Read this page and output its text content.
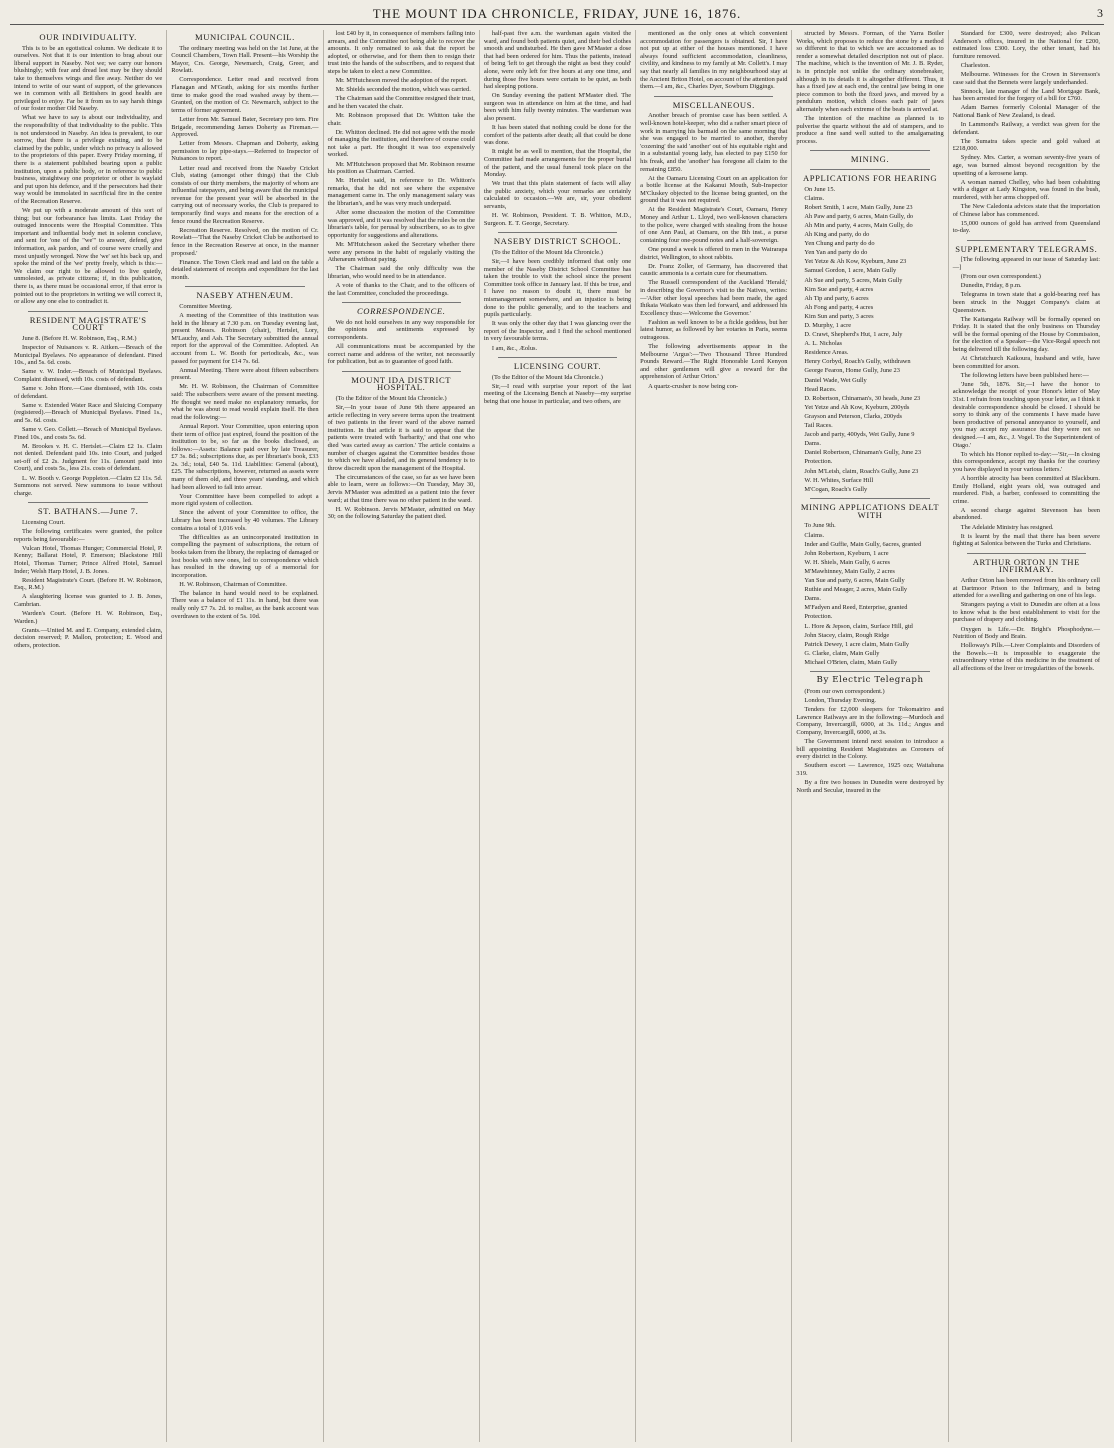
THE MOUNT IDA CHRONICLE, FRIDAY, JUNE 16, 1876.	3
OUR INDIVIDUALITY.

This is to be an egotistical column. We dedicate it to ourselves. Not that it is our intention to brag about our liberal support in Naseby. Not we; we carry our honors blushingly; with fear and dread lest may be they should take to themselves wings and flee away. Neither do we intend to write of our want of support, of the grievances we in common with all Britishers in good health are privileged to enjoy. Far be it from us to say harsh things of our foster mother Old Naseby.

What we have to say is about our individuality, and the responsibility of that individuality to the public. This is not understood in Naseby. An idea is prevalent, to our sorrow, that there is a privilege existing, and to be claimed by the public, under which no privacy is allowed to the proprietors of this paper. Every Friday morning, if there is a statement published bearing upon a public institution, upon a public body, or in reference to public business, straightway one proprietor or other is waylaid and put upon his defence, and if the persecutors had their way would be immolated in sacrificial fire in the centre of the Recreation Reserve.

We put up with a moderate amount of this sort of thing; but our forbearance has limits. Last Friday the outraged innocents were the Hospital Committee. This important and influential body met in solemn conclave, and sent for 'one of the "we"' to answer, defend, give information, ask pardon, and of course were cruelly and most unjustly wronged. Now the 'we' set his back up, and spoke the mind of the 'we' pretty freely, which is this:—We claim our right to be allowed to live quietly, unmolested, as private citizens; if, in this publication, there is, as there must be occasional error, if that error is pointed out to the proprietors in writing we will correct it, or allow any one else to contradict it.

RESIDENT MAGISTRATE'S COURT

June 8. (Before H. W. Robinson, Esq., R.M.)

Inspector of Nuisances v. R. Aitken.—Breach of the Municipal Byelaws. No appearance of defendant. Fined 10s., and 5s. 6d. costs.

Same v. W. Inder.—Breach of Municipal Byelaws. Complaint dismissed, with 10s. costs of defendant.

Same v. John Hore.—Case dismissed, with 10s. costs of defendant.

Same v. Extended Water Race and Sluicing Company (registered).—Breach of Municipal Byelaws. Fined 1s., and 5s. 6d. costs.

Same v. Geo. Collett.—Breach of Municipal Byelaws. Fined 10s., and costs 5s. 6d.

M. Brookes v. H. C. Hertslet.—Claim £2 1s. Claim not denied. Defendant paid 10s. into Court, and judged set-off of £2 2s. Judgment for 11s. (amount paid into Court), and costs 5s., less 21s. costs of defendant.

L. W. Booth v. George Poppleton.—Claim £2 11s. 5d. Summons not served. New summons to issue without charge.

ST. BATHANS.—June 7.

Licensing Court.

The following certificates were granted, the police reports being favourable:—

Vulcan Hotel, Thomas Hunger; Commercial Hotel, P. Kenny; Ballarat Hotel, P. Emerson; Blackstone Hill Hotel, Thomas Turner; Prince Alfred Hotel, Samuel Inder; Welsh Harp Hotel, J. B. Jones.

Resident Magistrate's Court. (Before H. W. Robinson, Esq., R.M.)

A slaughtering license was granted to J. B. Jones, Cambrian.

Warden's Court. (Before H. W. Robinson, Esq., Warden.)

Grants.—United M. and E. Company, extended claim, decision reserved; P. Mallon, protection; E. Wood and others, protection.

MUNICIPAL COUNCIL.

The ordinary meeting was held on the 1st June, at the Council Chambers, Town Hall. Present—his Worship the Mayor, Crs. George, Newmarch, Craig, Greer, and Rowlatt.

Correspondence. Letter read and received from Flanagan and M'Grath, asking for six months further time to make good the road washed away by them.—Granted, on the motion of Cr. Newmarch, subject to the terms of former agreement.

Letter from Mr. Samuel Bater, Secretary pro tem. Fire Brigade, recommending James Doherty as Fireman.—Approved.

Letter from Messrs. Chapman and Doherty, asking permission to lay pipe-stays.—Referred to Inspector of Nuisances to report.

Letter read and received from the Naseby Cricket Club, stating (amongst other things) that the Club consists of our thirty members, the majority of whom are influential ratepayers, and being aware that the municipal revenue for the present year will be absorbed in the carrying out of necessary works, the Club is prepared to temporarily find ways and means for the erection of a fence round the Recreation Reserve.

Recreation Reserve. Resolved, on the motion of Cr. Rowlatt—'That the Naseby Cricket Club be authorised to fence in the Recreation Reserve at once, in the manner proposed.'

Finance. The Town Clerk read and laid on the table a detailed statement of receipts and expenditure for the last month.

NASEBY ATHENÆUM.

Committee Meeting.

A meeting of the Committee of this institution was held in the library at 7.30 p.m. on Tuesday evening last, present Messrs. Robinson (chair), Hertslet, Lory, M'Lauchy, and Ash. The Secretary submitted the annual report for the approval of the Committee. Adopted. An account from L. W. Booth for periodicals, &c., was passed for payment for £14 7s. 6d.

Annual Meeting. There were about fifteen subscribers present.

Mr. H. W. Robinson, the Chairman of Committee said: The subscribers were aware of the present meeting. He thought we need make no explanatory remarks, for what he was about to read would explain itself. He then read the following:—

Annual Report. Your Committee, upon entering upon their term of office just expired, found the position of the institution to be, so far as the books disclosed, as follows:—Assets: Balance paid over by late Treasurer, £7 3s. 8d.; subscriptions due, as per librarian's book, £33 2s. 3d.; total, £40 5s. 11d. Liabilities: General (about), £25. The subscriptions, however, returned as assets were many of them old, and three years' standing, and which had been allowed to fall into arrear.

Your Committee have been compelled to adopt a more rigid system of collection.

Since the advent of your Committee to office, the Library has been increased by 40 volumes. The Library contains a total of 1,016 vols.

The difficulties as an unincorporated institution in compelling the payment of subscriptions, the return of books taken from the library, the replacing of damaged or lost books with new ones, led to correspondence which has resulted in the drawing up of a memorial for incorporation.

H. W. Robinson, Chairman of Committee.

The balance in hand would need to be explained. There was a balance of £1 11s. in hand, but there was really only £7 7s. 2d. to realise, as the bank account was overdrawn to the extent of 5s. 10d.

lost £40 by it, in consequence of members failing into arrears, and the Committee not being able to recover the amounts. It only remained to ask that the report be adopted, or otherwise, and for them then to resign their trust into the hands of the subscribers, and to request that steps be taken to elect a new Committee.

Mr. M'Hutcheson moved the adoption of the report.

Mr. Shields seconded the motion, which was carried.

The Chairman said the Committee resigned their trust, and he then vacated the chair.

Mr. Robinson proposed that Dr. Whitton take the chair.

Dr. Whitton declined. He did not agree with the mode of managing the institution, and therefore of course could not take a part. He thought it was too expensively worked.

Mr. M'Hutcheson proposed that Mr. Robinson resume his position as Chairman. Carried.

Mr. Hertslet said, in reference to Dr. Whitton's remarks, that he did not see where the expensive management came in. The only management salary was the librarian's, and he was very much underpaid.

After some discussion the motion of the Committee was approved, and it was resolved that the rules be on the librarian's table, for perusal by subscribers, so as to give opportunity for suggestions and alterations.

Mr. M'Hutcheson asked the Secretary whether there were any persons in the habit of regularly visiting the Athenæum without paying.

The Chairman said the only difficulty was the librarian, who would need to be in attendance.

A vote of thanks to the Chair, and to the officers of the last Committee, concluded the proceedings.

CORRESPONDENCE.

We do not hold ourselves in any way responsible for the opinions and sentiments expressed by correspondents.

All communications must be accompanied by the correct name and address of the writer, not necessarily for publication, but as to guarantee of good faith.

MOUNT IDA DISTRICT HOSPITAL.

(To the Editor of the Mount Ida Chronicle.)

Sir,—In your issue of June 9th there appeared an article reflecting in very severe terms upon the treatment of two patients in the fever ward of the above named institution. In that article it is said to appear that the patients were treated with 'barbarity,' and that one who died 'was carted away as carrion.' The article contains a number of charges against the Committee besides those to which we have alluded, and its general tendency is to throw discredit upon the management of the Hospital.

The circumstances of the case, so far as we have been able to learn, were as follows:—On Tuesday, May 30, Jervis M'Master was admitted as a patient into the fever ward; at that time there was no other patient in the ward.

H. W. Robinson. Jervis M'Master, admitted on May 30; on the following Saturday the patient died.

half-past five a.m. the wardsman again visited the ward, and found both patients quiet, and their bed clothes smooth and undisturbed. He then gave M'Master a dose that had been ordered for him. Thus the patients, instead of being 'left to get through the night as best they could' alone, were only left for five hours at any one time, and during those five hours were certain to be quiet, as both had sleeping potions.

On Sunday evening the patient M'Master died. The surgeon was in attendance on him at the time, and had been with him fully twenty minutes. The wardsman was also present.

It has been stated that nothing could be done for the comfort of the patients after death; all that could be done was done.

It might be as well to mention, that the Hospital, the Committee had made arrangements for the proper burial of the patient, and the usual funeral took place on the Monday.

We trust that this plain statement of facts will allay the public anxiety, which your remarks are certainly calculated to occasion.—We are, sir, your obedient servants,

H. W. Robinson, President. T. B. Whitton, M.D., Surgeon. E. T. George, Secretary.

NASEBY DISTRICT SCHOOL.

(To the Editor of the Mount Ida Chronicle.)

Sir,—I have been credibly informed that only one member of the Naseby District School Committee has taken the trouble to visit the school since the present Committee took office in January last. If this be true, and I have no reason to doubt it, there must be mismanagement somewhere, and an injustice is being done to the public generally, and to the teachers and pupils particularly.

It was only the other day that I was glancing over the report of the Inspector, and I find the school mentioned in very favourable terms.

I am, &c., Æolus.

LICENSING COURT.

(To the Editor of the Mount Ida Chronicle.)

Sir,—I read with surprise your report of the last meeting of the Licensing Bench at Naseby—my surprise being that one house in particular, and two others, are

mentioned as the only ones at which convenient accommodation for passengers is obtained. Sir, I have not put up at either of the houses mentioned. I have always found sufficient accommodation, cleanliness, civility, and kindness to my family at Mr. Collett's. I may say that nearly all families in my neighbourhood stay at the Ancient Briton Hotel, on account of the attention paid them.—I am, &c., Charles Dyer, Sowburn Diggings.

MISCELLANEOUS.

Another breach of promise case has been settled. A well-known hotel-keeper, who did a rather smart piece of work in marrying his barmaid on the same morning that she was engaged to be married to another, thereby 'cozening' the said 'another' out of his equitable right and in a substantial young lady, has elected to pay £150 for his freak, and the 'another' has foregone all claim to the remaining £850.

At the Oamaru Licensing Court on an application for a bottle license at the Kakanui Mouth, Sub-Inspector M'Cluskey objected to the license being granted, on the ground that it was not required.

At the Resident Magistrate's Court, Oamaru, Henry Money and Arthur L. Lloyd, two well-known characters to the police, were charged with stealing from the house of one Ann Paul, at Oamaru, on the 8th inst., a purse containing four one-pound notes and a half-sovereign.

One pound a week is offered to men in the Wairarapa district, Wellington, to shoot rabbits.

Dr. Franz Zoller, of Germany, has discovered that caustic ammonia is a certain cure for rheumatism.

The Russell correspondent of the Auckland 'Herald,' in describing the Governor's visit to the Natives, writes:—'After other loyal speeches had been made, the aged Ihikaia Waikato was then led forward, and addressed his Excellency thus:—Welcome the Governor.'

Fashion as well known to be a fickle goddess, but her latest humor, as followed by her votaries in Paris, seems outrageous.

The following advertisements appear in the Melbourne 'Argus':—'Two Thousand Three Hundred Pounds Reward.—The Right Honorable Lord Kenyon and other gentlemen will give a reward for the apprehension of Arthur Orton.'

A quartz-crusher is now being con-

structed by Messrs. Forman, of the Yarra Boiler Works, which proposes to reduce the stone by a method so different to that to which we are accustomed as to render a somewhat detailed description not out of place. The machine, which is the invention of Mr. J. B. Ryder, is in principle not unlike the ordinary stonebreaker, although in its details it is altogether different. Thus, it has a fixed jaw at each end, the central jaw being in one piece common to both the fixed jaws, and moved by a pendulum motion, which closes each pair of jaws alternately when each extreme of the beats is arrived at.

The intention of the machine as planned is to pulverise the quartz without the aid of stampers, and to produce a fine sand well suited to the amalgamating process.

MINING.
APPLICATIONS FOR HEARING

On June 15.

Claims.

Robert Smith, 1 acre, Main Gully, June 23

Ah Paw and party, 6 acres, Main Gully, do

Ah Min and party, 4 acres, Main Gully, do

Ah King and party, do do

Yen Chung and party do do

Yen Yan and party do do

Yet Yetze & Ah Kow, Kyeburn, June 23

Samuel Gordon, 1 acre, Main Gully

Ah Sue and party, 5 acres, Main Gully

Kim Sue and party, 4 acres

Ah Tip and party, 6 acres

Ah Fong and party, 4 acres

Kim Sun and party, 3 acres

D. Murphy, 1 acre

D. Crawt, Shepherd's Hut, 1 acre, July

A. L. Nicholas

Residence Areas.

Henry Corbyd, Roach's Gully, withdrawn

George Fearon, Home Gully, June 23

Daniel Wade, Wet Gully

Head Races.

D. Robertson, Chinaman's, 30 heads, June 23

Yet Yetze and Ah Kow, Kyeburn, 200yds

Grayson and Peterson, Clarks, 200yds

Tail Races.

Jacob and party, 400yds, Wet Gully, June 9

Dams.

Daniel Robertson, Chinaman's Gully, June 23

Protection.

John M'Leish, claim, Roach's Gully, June 23

W. H. Whites, Surface Hill

M'Cogan, Roach's Gully

MINING APPLICATIONS DEALT WITH

To June 9th.

Claims.

Inder and Guffie, Main Gully, 6acres, granted

John Robertson, Kyeburn, 1 acre

W. H. Shiels, Main Gully, 6 acres

M'Mawhinney, Main Gully, 2 acres

Yan Sue and party, 6 acres, Main Gully

Ruthie and Meager, 2 acres, Main Gully

Dams.

M'Fadyen and Reed, Enterprise, granted

Protection.

L. Hore & Jepson, claim, Surface Hill, gtd

John Stacey, claim, Rough Ridge

Patrick Dewey, 1 acre claim, Main Gully

G. Clarke, claim, Main Gully

Michael O'Brien, claim, Main Gully

By Electric Telegraph

(From our own correspondent.)

London, Thursday Evening.

Tenders for £2,000 sleepers for Tokomairiro and Lawrence Railways are in the following:—Murdoch and Company, Invercargill, 6000, at 3s. 11d.; Angus and Company, Invercargill, 6000, at 3s.

The Government intend next session to introduce a bill appointing Resident Magistrates as Coroners of every district in the Colony.

Southern escort — Lawrence, 1925 ozs; Waitahuna 319.

By a fire two houses in Dunedin were destroyed by North and Secular, insured in the

Standard for £300, were destroyed; also Pelican Anderson's offices, insured in the National for £200, estimated loss £300. Lory, the other tenant, had his furniture removed.

Charleston.

Melbourne. Witnesses for the Crown in Stevenson's case said that the Bennets were largely underhanded.

Sinnock, late manager of the Land Mortgage Bank, has been arrested for the forgery of a bill for £760.

Adam Barnes formerly Colonial Manager of the National Bank of New Zealand, is dead.

In Lammond's Railway, a verdict was given for the defendant.

The Sumatra takes specie and gold valued at £218,000.

Sydney. Mrs. Carter, a woman seventy-five years of age, was burned almost beyond recognition by the upsetting of a kerosene lamp.

A woman named Chelley, who had been cohabiting with a digger at Lady Kingston, was found in the bush, murdered, with her arms chopped off.

The New Caledonia advices state that the importation of Chinese labor has commenced.

15,000 ounces of gold has arrived from Queensland to-day.

SUPPLEMENTARY TELEGRAMS.

[The following appeared in our issue of Saturday last:—]

(From our own correspondent.)

Dunedin, Friday, 8 p.m.

Telegrams in town state that a gold-bearing reef has been struck in the Nugget Company's claim at Queenstown.

The Kaitangata Railway will be formally opened on Friday. It is stated that the only business on Thursday will be the formal opening of the House by Commission, for the election of a Speaker—the Vice-Regal speech not being delivered till the following day.

At Christchurch Kaikoura, husband and wife, have been committed for arson.

The following letters have been published here:—

'June 5th, 1876. Sir,—I have the honor to acknowledge the receipt of your Honor's letter of May 31st. I refrain from touching upon your letter, as I think it desirable correspondence should be closed. I should be sorry to think any of the comments I have made have been productive of personal annoyance to yourself, and you may accept my assurance that they were not so designed.—I am, &c., J. Vogel. To the Superintendent of Otago.'

To which his Honor replied to-day:—'Sir,—In closing this correspondence, accept my thanks for the courtesy you have displayed in your various letters.'

A horrible atrocity has been committed at Blackburn. Emily Holland, eight years old, was outraged and murdered. Fish, a barber, confessed to committing the crime.

A second charge against Stevenson has been abandoned.

The Adelaide Ministry has resigned.

It is learnt by the mail that there has been severe fighting at Salonica between the Turks and Christians.

ARTHUR ORTON IN THE INFIRMARY.

Arthur Orton has been removed from his ordinary cell at Dartmoor Prison to the Infirmary, and is being attended for a swelling and gathering on one of his legs.

Strangers paying a visit to Dunedin are often at a loss to know what is the best establishment to visit for the purchase of drapery and clothing.

Oxygen is Life.—Dr. Bright's Phosphodyne.—Nutrition of Body and Brain.

Holloway's Pills.—Liver Complaints and Disorders of the Bowels.—It is impossible to exaggerate the extraordinary virtue of this medicine in the treatment of all affections of the liver or irregularities of the bowels.
